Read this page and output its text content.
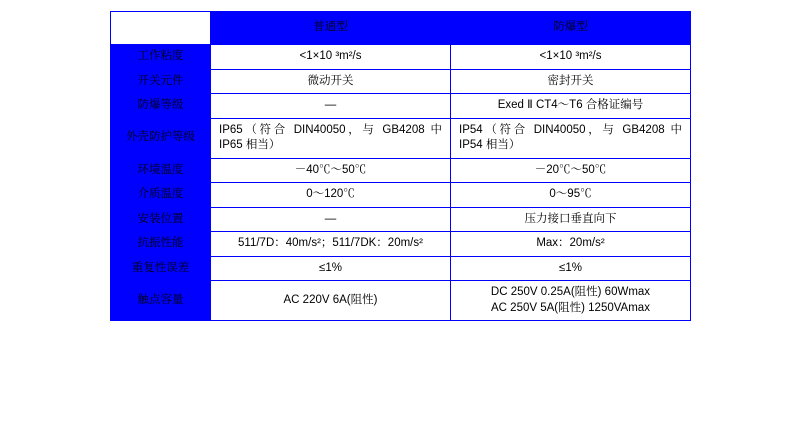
	普通型	防爆型
工作粘度	<1×10 ³m²/s	<1×10 ³m²/s
开关元件	微动开关	密封开关
防爆等级	—	Exed Ⅱ CT4～T6 合格证编号
外壳防护等级	IP65（符合 DIN40050，与 GB4208 中 IP65 相当）	IP54（符合 DIN40050，与 GB4208 中 IP54 相当）
环境温度	－40℃～50℃	－20℃～50℃
介质温度	0～120℃	0～95℃
安装位置	—	压力接口垂直向下
抗振性能	511/7D：40m/s²；511/7DK：20m/s²	Max：20m/s²
重复性误差	≤1%	≤1%
触点容量	AC 220V 6A(阻性)	DC 250V 0.25A(阻性) 60Wmax
AC 250V 5A(阻性) 1250VAmax
